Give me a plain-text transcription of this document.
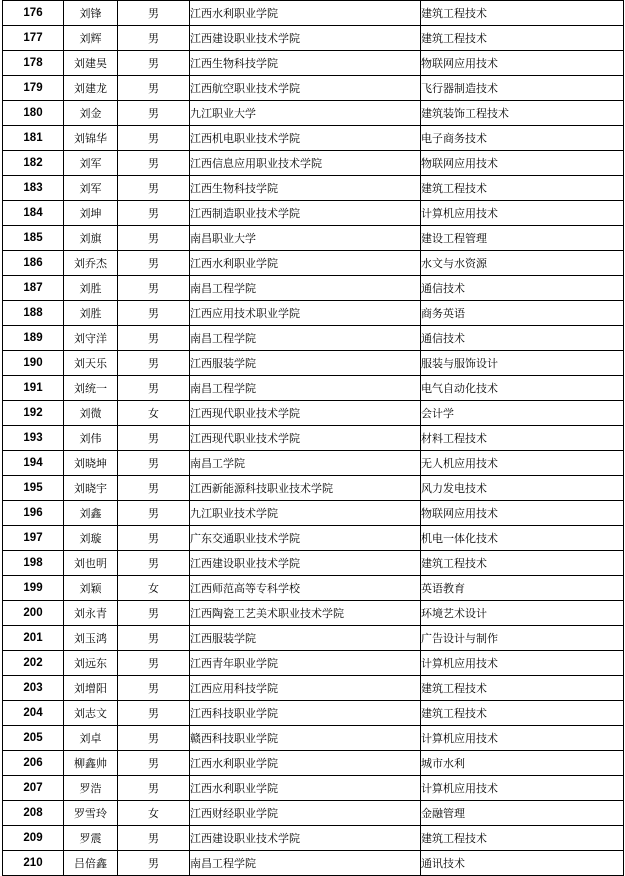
176	刘锋	男	江西水利职业学院	建筑工程技术
177	刘辉	男	江西建设职业技术学院	建筑工程技术
178	刘建昊	男	江西生物科技学院	物联网应用技术
179	刘建龙	男	江西航空职业技术学院	飞行器制造技术
180	刘金	男	九江职业大学	建筑装饰工程技术
181	刘锦华	男	江西机电职业技术学院	电子商务技术
182	刘军	男	江西信息应用职业技术学院	物联网应用技术
183	刘军	男	江西生物科技学院	建筑工程技术
184	刘坤	男	江西制造职业技术学院	计算机应用技术
185	刘旗	男	南昌职业大学	建设工程管理
186	刘乔杰	男	江西水利职业学院	水文与水资源
187	刘胜	男	南昌工程学院	通信技术
188	刘胜	男	江西应用技术职业学院	商务英语
189	刘守洋	男	南昌工程学院	通信技术
190	刘天乐	男	江西服装学院	服装与服饰设计
191	刘统一	男	南昌工程学院	电气自动化技术
192	刘微	女	江西现代职业技术学院	会计学
193	刘伟	男	江西现代职业技术学院	材料工程技术
194	刘晓坤	男	南昌工学院	无人机应用技术
195	刘晓宇	男	江西新能源科技职业技术学院	风力发电技术
196	刘鑫	男	九江职业技术学院	物联网应用技术
197	刘璇	男	广东交通职业技术学院	机电一体化技术
198	刘也明	男	江西建设职业技术学院	建筑工程技术
199	刘颖	女	江西师范高等专科学校	英语教育
200	刘永青	男	江西陶瓷工艺美术职业技术学院	环境艺术设计
201	刘玉鸿	男	江西服装学院	广告设计与制作
202	刘远东	男	江西青年职业学院	计算机应用技术
203	刘增阳	男	江西应用科技学院	建筑工程技术
204	刘志文	男	江西科技职业学院	建筑工程技术
205	刘卓	男	赣西科技职业学院	计算机应用技术
206	柳鑫帅	男	江西水利职业学院	城市水利
207	罗浩	男	江西水利职业学院	计算机应用技术
208	罗雪玲	女	江西财经职业学院	金融管理
209	罗震	男	江西建设职业技术学院	建筑工程技术
210	吕倍鑫	男	南昌工程学院	通讯技术
